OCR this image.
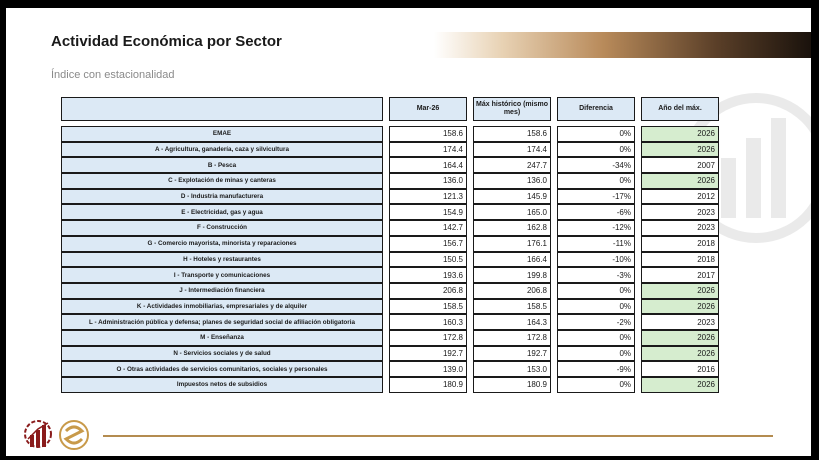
Actividad Económica por Sector
Índice con estacionalidad
		Mar-26		Máx histórico (mismo mes)		Diferencia		Año del máx.

EMAE		158.6		158.6		0%		2026
A - Agricultura, ganadería, caza y silvicultura		174.4		174.4		0%		2026
B - Pesca		164.4		247.7		-34%		2007
C - Explotación de minas y canteras		136.0		136.0		0%		2026
D - Industria manufacturera		121.3		145.9		-17%		2012
E - Electricidad, gas y agua		154.9		165.0		-6%		2023
F - Construcción		142.7		162.8		-12%		2023
G - Comercio mayorista, minorista y reparaciones		156.7		176.1		-11%		2018
H - Hoteles y restaurantes		150.5		166.4		-10%		2018
I - Transporte y comunicaciones		193.6		199.8		-3%		2017
J - Intermediación financiera		206.8		206.8		0%		2026
K - Actividades inmobiliarias, empresariales y de alquiler		158.5		158.5		0%		2026
L - Administración pública y defensa; planes de seguridad social de afiliación obligatoria		160.3		164.3		-2%		2023
M - Enseñanza		172.8		172.8		0%		2026
N - Servicios sociales y de salud		192.7		192.7		0%		2026
O - Otras actividades de servicios comunitarios, sociales y personales		139.0		153.0		-9%		2016
Impuestos netos de subsidios		180.9		180.9		0%		2026
